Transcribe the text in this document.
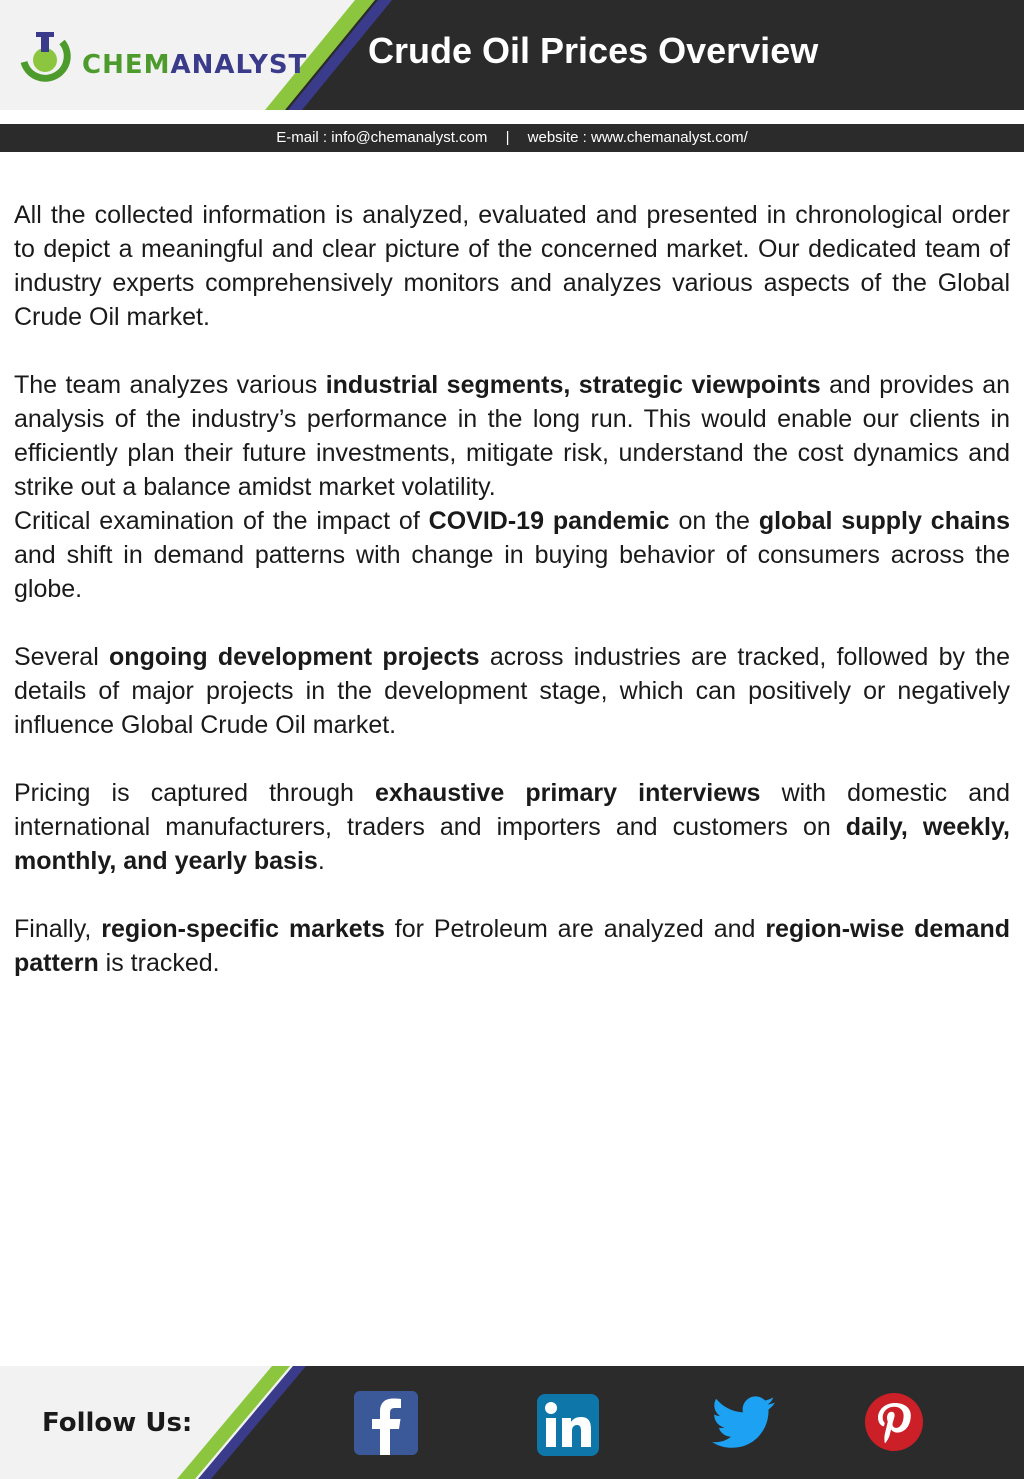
CHEMANALYST Crude Oil Prices Overview
E-mail : info@chemanalyst.com | website : www.chemanalyst.com/

All the collected information is analyzed, evaluated and presented in chronological order to depict a meaningful and clear picture of the concerned market. Our dedicated team of industry experts comprehensively monitors and analyzes various aspects of the Global Crude Oil market.

The team analyzes various industrial segments, strategic viewpoints and provides an analysis of the industry’s performance in the long run. This would enable our clients in efficiently plan their future investments, mitigate risk, understand the cost dynamics and strike out a balance amidst market volatility.

Critical examination of the impact of COVID-19 pandemic on the global supply chains and shift in demand patterns with change in buying behavior of consumers across the globe.

Several ongoing development projects across industries are tracked, followed by the details of major projects in the development stage, which can positively or negatively influence Global Crude Oil market.

Pricing is captured through exhaustive primary interviews with domestic and international manufacturers, traders and importers and customers on daily, weekly, monthly, and yearly basis.

Finally, region-specific markets for Petroleum are analyzed and region-wise demand pattern is tracked.

Follow Us:
